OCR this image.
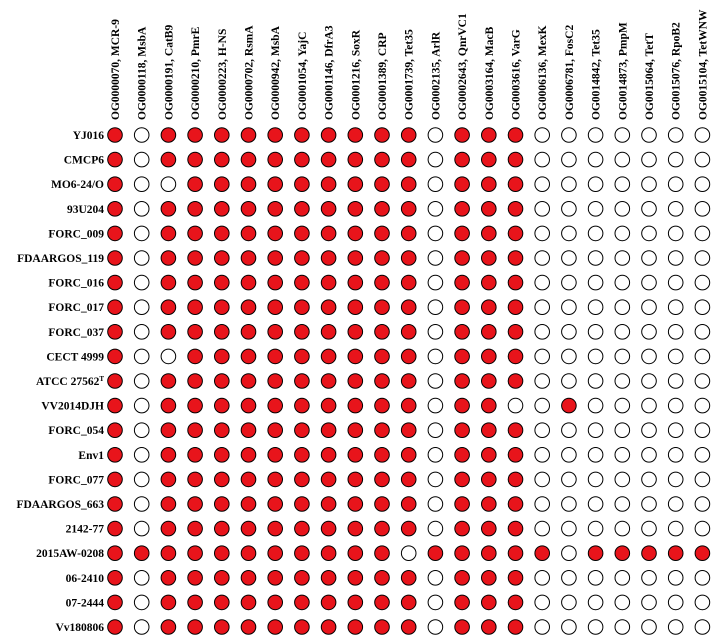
OG0000070, MCR-9 OG0000118, MsbA OG0000191, CatB9 OG0000210, PmrE OG0000223, H-NS OG0000702, RsmA OG0000942, MsbA OG0001054, YajC OG0001146, DfrA3 OG0001216, SoxR OG0001389, CRP OG0001739, Tet35 OG0002135, ArlR OG0002643, QnrVC1 OG0003164, MacB OG0003616, VarG OG0006136, MexK OG0006781, FosC2 OG0014842, Tet35 OG0014873, PmpM OG0015064, TetT OG0015076, RpoB2 OG0015104, TetWNW
YJ016
CMCP6
MO6-24/O
93U204
FORC_009
FDAARGOS_119
FORC_016
FORC_017
FORC_037
CECT 4999
ATCC $27562^T$
VV2014DJH
FORC_054
Env1
FORC_077
FDAARGOS_663
2142-77
2015AW-0208
06-2410
07-2444
Vv180806
